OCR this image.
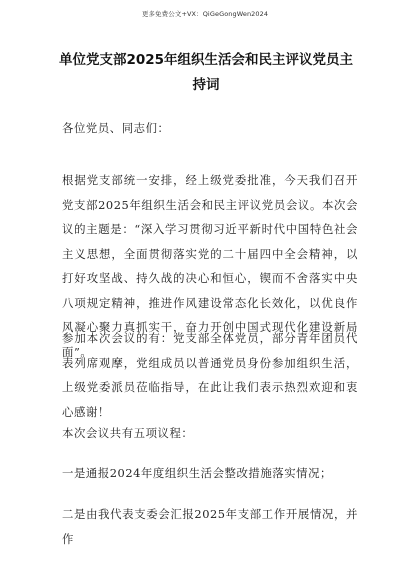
更多免费公文+VX：QiGeGongWen2024
单位党支部2025年组织生活会和民主评议党员主持词
各位党员、同志们：
根据党支部统一安排，经上级党委批准，今天我们召开党支部2025年组织生活会和民主评议党员会议。本次会议的主题是：“深入学习贯彻习近平新时代中国特色社会主义思想，全面贯彻落实党的二十届四中全会精神，以打好攻坚战、持久战的决心和恒心，锲而不舍落实中央八项规定精神，推进作风建设常态化长效化，以优良作风凝心聚力真抓实干，奋力开创中国式现代化建设新局面”。
参加本次会议的有：党支部全体党员，部分青年团员代表列席观摩，党组成员以普通党员身份参加组织生活，上级党委派员莅临指导，在此让我们表示热烈欢迎和衷心感谢！
本次会议共有五项议程：
一是通报2024年度组织生活会整改措施落实情况；
二是由我代表支委会汇报2025年支部工作开展情况，并作
